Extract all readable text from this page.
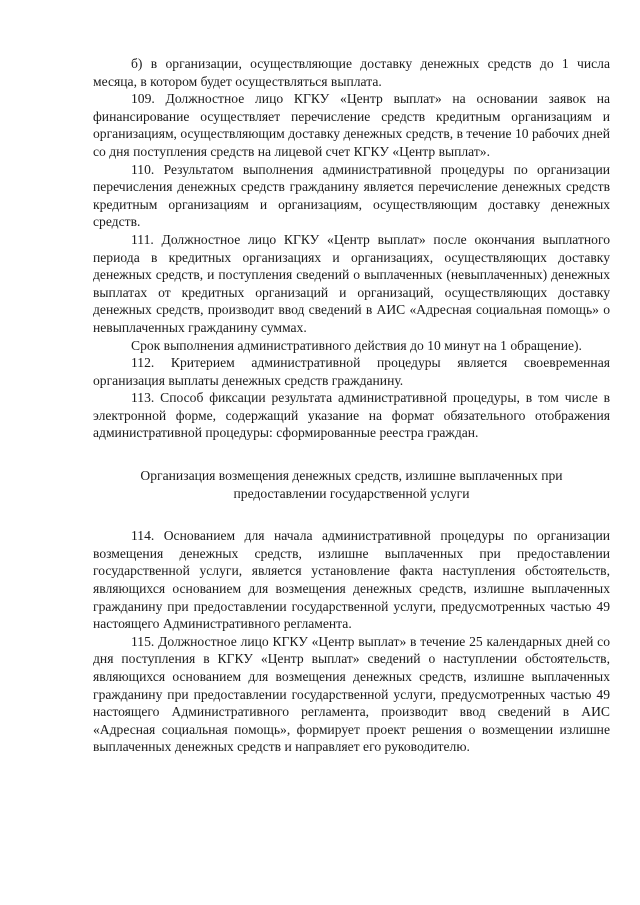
б) в организации, осуществляющие доставку денежных средств до 1 числа месяца, в котором будет осуществляться выплата.

109. Должностное лицо КГКУ «Центр выплат» на основании заявок на финансирование осуществляет перечисление средств кредитным организациям и организациям, осуществляющим доставку денежных средств, в течение 10 рабочих дней со дня поступления средств на лицевой счет КГКУ «Центр выплат».

110. Результатом выполнения административной процедуры по организации перечисления денежных средств гражданину является перечисление денежных средств кредитным организациям и организациям, осуществляющим доставку денежных средств.

111. Должностное лицо КГКУ «Центр выплат» после окончания выплатного периода в кредитных организациях и организациях, осуществляющих доставку денежных средств, и поступления сведений о выплаченных (невыплаченных) денежных выплатах от кредитных организаций и организаций, осуществляющих доставку денежных средств, производит ввод сведений в АИС «Адресная социальная помощь» о невыплаченных гражданину суммах.

Срок выполнения административного действия до 10 минут на 1 обращение).

112. Критерием административной процедуры является своевременная организация выплаты денежных средств гражданину.

113. Способ фиксации результата административной процедуры, в том числе в электронной форме, содержащий указание на формат обязательного отображения административной процедуры: сформированные реестра граждан.

Организация возмещения денежных средств, излишне выплаченных при предоставлении государственной услуги

114. Основанием для начала административной процедуры по организации возмещения денежных средств, излишне выплаченных при предоставлении государственной услуги, является установление факта наступления обстоятельств, являющихся основанием для возмещения денежных средств, излишне выплаченных гражданину при предоставлении государственной услуги, предусмотренных частью 49 настоящего Административного регламента.

115. Должностное лицо КГКУ «Центр выплат» в течение 25 календарных дней со дня поступления в КГКУ «Центр выплат» сведений о наступлении обстоятельств, являющихся основанием для возмещения денежных средств, излишне выплаченных гражданину при предоставлении государственной услуги, предусмотренных частью 49 настоящего Административного регламента, производит ввод сведений в АИС «Адресная социальная помощь», формирует проект решения о возмещении излишне выплаченных денежных средств и направляет его руководителю.
